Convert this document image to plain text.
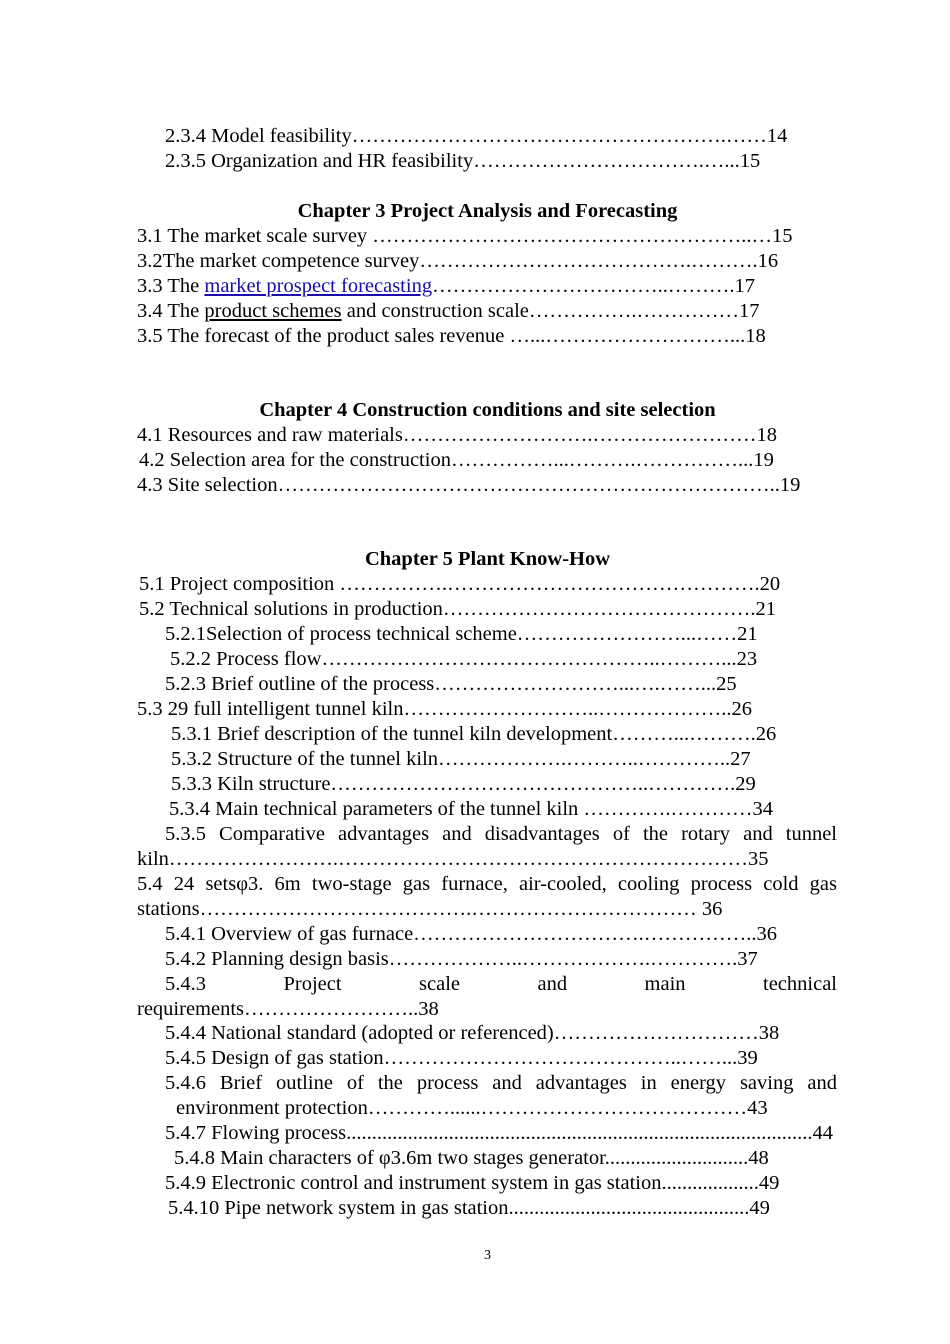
2.3.4 Model feasibility……………………………………………….……14
2.3.5 Organization and HR feasibility…………………………….…...15
Chapter 3 Project Analysis and Forecasting
3.1 The market scale survey ………………………………………………..…15
3.2The market competence survey………………………………….……….16
3.3 The market prospect forecasting……………………………..……….17
3.4 The product schemes and construction scale…………….……………17
3.5 The forecast of the product sales revenue …...………………………...18
Chapter 4 Construction conditions and site selection
4.1 Resources and raw materials……………………….……………………18
4.2 Selection area for the construction……………...……….……………...19
4.3 Site selection………………………………………………………………..19
Chapter 5 Plant Know-How
5.1 Project composition …………….……………………………………….20
5.2 Technical solutions in production……………………………………….21
5.2.1Selection of process technical scheme……………………...……21
5.2.2 Process flow…………………………………………..………...23
5.2.3 Brief outline of the process………………………...….……...25
5.3 29 full intelligent tunnel kiln………………………..………………..26
5.3.1 Brief description of the tunnel kiln development………...……….26
5.3.2 Structure of the tunnel kiln……………….………..…………..27
5.3.3 Kiln structure………………………………………..………….29
5.3.4 Main technical parameters of the tunnel kiln ………….…………34
5.3.5 Comparative advantages and disadvantages of the rotary and tunnel
kiln…………………….……………………………………………………35
5.4 24 setsφ3. 6m two-stage gas furnace, air-cooled, cooling process cold gas
stations………………………………….…………………………… 36
5.4.1 Overview of gas furnace…………………………….……………..36
5.4.2 Planning design basis………………..……………….………….37
5.4.3 Project scale and main technical
requirements……………………..38
5.4.4 National standard (adopted or referenced)…………………………38
5.4.5 Design of gas station……………………………………..……...39
5.4.6 Brief outline of the process and advantages in energy saving and
environment protection…………......…………………………………43
5.4.7 Flowing process...........................................................................................44
5.4.8 Main characters of φ3.6m two stages generator............................48
5.4.9 Electronic control and instrument system in gas station...................49
5.4.10 Pipe network system in gas station...............................................49
3
